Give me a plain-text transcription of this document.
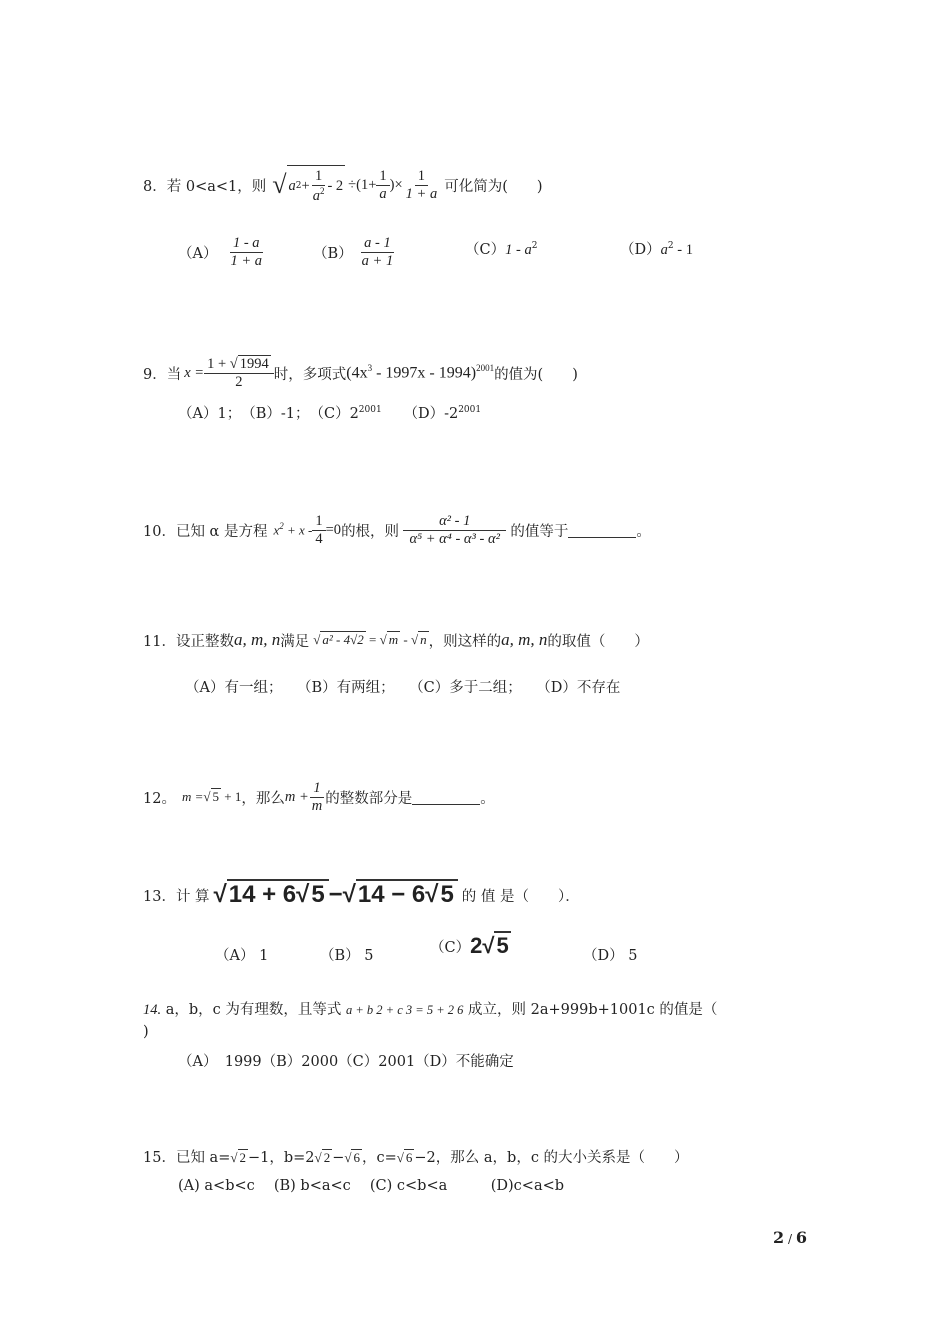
8． 若 0<a<1，则 √ a $2 + \frac{1}{a^2} - 2 \div(1+ \frac{1}{a}$ )× $\frac{1}{1 + a}$ 可化简为(　　)
$(A) \frac{1 - a}{1 + a}$	$(B) \frac{a - 1}{a + 1}$	$(C)1 - a^2$	$(D)a^2 - 1$
9．当 $x = \frac{1 + √ 1994}{2}$ 时，多项式 $(4x^3 - 1997x - 1994)^{2001}$ 的值为(　　)
（A）1；　（B）-1；　$(C)2^{2001}$　　$(D)-2^{2001}$
10．已知 α 是方程 $x^2 + x - \frac{1}{4} =0$ 的根，则 $\frac{\text{α² - 1}}{\text{α⁵ + α⁴ - α³ - α²}}$ 的值等于	。
11．设正整数 a, m, n 满足 √ a² - 4√2 = √ m - √ n ，则这样的 a, m, n 的取值（　　）
（A）有一组；　　（B）有两组；　　（C）多于二组；　　（D）不存在
12。 m = √ 5 + 1 ，那么 $m + \frac{1}{m}$ 的整数部分是	。
13．计 算 √14 + 6√5 − √14 − 6√5 的 值 是（　　）．
（A） 1	（B） 5
（C） 2√5	（D） 5
14. a，b，c 为有理数，且等式 a + b 2 + c 3 = 5 + 2 6 成立，则 2a+999b+1001c 的值是（
)
（A）　1999（B）2000（C）2001（D）不能确定
15．已知 a=√ 2 −1，b=2√ 2 −√ 6 ，c=√ 6 −2，那么 a，b，c 的大小关系是（　　）
(A) a<b<c　 (B) b<a<c　 (C) c<b<a　　　(D)c<a<b
2 / 6
